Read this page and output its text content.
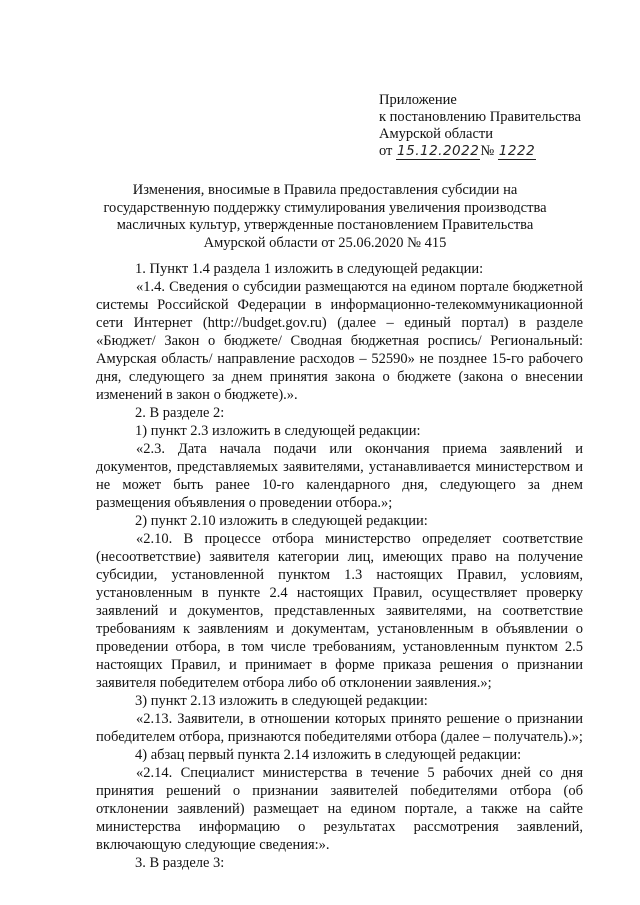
Приложение
к постановлению Правительства
Амурской области
от 15.12.2022№ 1222
Изменения, вносимые в Правила предоставления субсидии на
государственную поддержку стимулирования увеличения производства
масличных культур, утвержденные постановлением Правительства
Амурской области от 25.06.2020 № 415

1. Пункт 1.4 раздела 1 изложить в следующей редакции:

«1.4. Сведения о субсидии размещаются на едином портале бюджетной системы Российской Федерации в информационно-телекоммуникационной сети Интернет (http://budget.gov.ru) (далее – единый портал) в разделе «Бюджет/ Закон о бюджете/ Сводная бюджетная роспись/ Региональный: Амурская область/ направление расходов – 52590» не позднее 15-го рабочего дня, следующего за днем принятия закона о бюджете (закона о внесении изменений в закон о бюджете).».

2. В разделе 2:

1) пункт 2.3 изложить в следующей редакции:

«2.3. Дата начала подачи или окончания приема заявлений и документов, представляемых заявителями, устанавливается министерством и не может быть ранее 10-го календарного дня, следующего за днем размещения объявления о проведении отбора.»;

2) пункт 2.10 изложить в следующей редакции:

«2.10. В процессе отбора министерство определяет соответствие (несоответствие) заявителя категории лиц, имеющих право на получение субсидии, установленной пунктом 1.3 настоящих Правил, условиям, установленным в пункте 2.4 настоящих Правил, осуществляет проверку заявлений и документов, представленных заявителями, на соответствие требованиям к заявлениям и документам, установленным в объявлении о проведении отбора, в том числе требованиям, установленным пунктом 2.5 настоящих Правил, и принимает в форме приказа решения о признании заявителя победителем отбора либо об отклонении заявления.»;

3) пункт 2.13 изложить в следующей редакции:

«2.13. Заявители, в отношении которых принято решение о признании победителем отбора, признаются победителями отбора (далее – получатель).»;

4) абзац первый пункта 2.14 изложить в следующей редакции:

«2.14. Специалист министерства в течение 5 рабочих дней со дня принятия решений о признании заявителей победителями отбора (об отклонении заявлений) размещает на едином портале, а также на сайте министерства информацию о результатах рассмотрения заявлений, включающую следующие сведения:».

3. В разделе 3:
